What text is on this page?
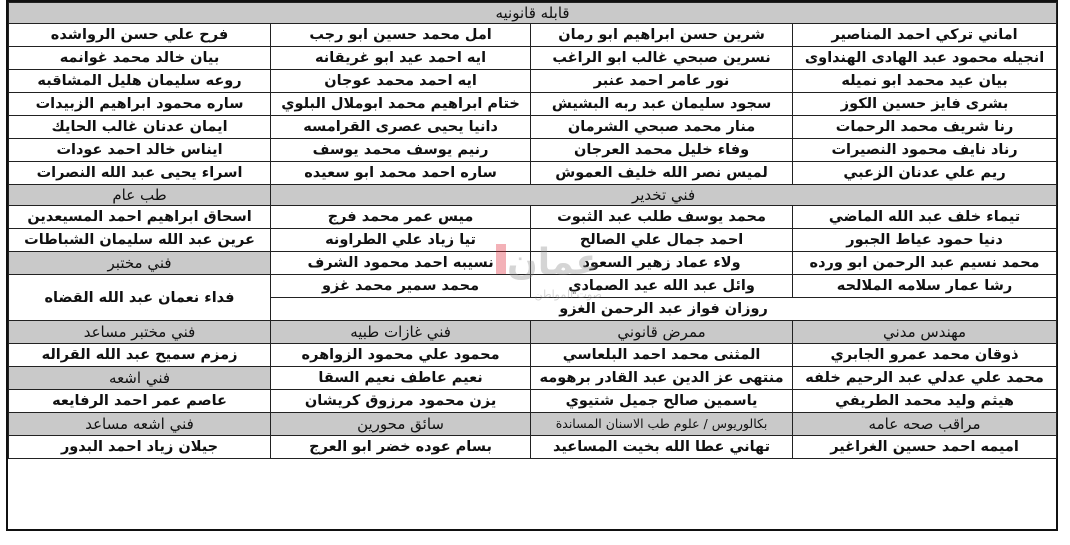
قابله قانونيه			
اماني تركي احمد المناصير	شرين حسن ابراهيم ابو رمان	امل محمد حسين ابو رجب	فرح علي حسن الرواشده
انجيله محمود عبد الهادى الهنداوى	نسرين صبحي غالب ابو الراغب	ايه احمد عيد ابو غريقانه	بيان خالد محمد غوانمه
بيان عيد محمد ابو نميله	نور عامر احمد عنبر	ايه احمد محمد عوجان	روعه سليمان هليل المشاقبه
بشرى فايز حسين الكوز	سجود سليمان عبد ربه البشيش	ختام ابراهيم محمد ابوملال البلوي	ساره محمود ابراهيم الزبيدات
رنا شريف محمد الرحمات	منار محمد صبحي الشرمان	دانيا يحيى عصرى القرامسه	ايمان عدنان غالب الحايك
رناد نايف محمود النصيرات	وفاء خليل محمد العرجان	رنيم يوسف محمد يوسف	ايناس خالد احمد عودات
ريم علي عدنان الزعبي	لميس نصر الله خليف العموش	ساره احمد محمد ابو سعيده	اسراء يحيى عبد الله النصرات
فني تخدير			طب عام
تيماء خلف عبد الله الماضي	محمد يوسف طلب عبد الثبوت	ميس عمر محمد فرج	اسحاق ابراهيم احمد المسيعدين
دنيا حمود عياط الجبور	احمد جمال علي الصالح	تيا زياد علي الطراونه	عرين عبد الله سليمان الشباطات
محمد نسيم عبد الرحمن ابو ورده	ولاء عماد زهير السعود	نسيبه احمد محمود الشرف	فني مختبر
رشا عمار سلامه الملالحه	وائل عبد الله عيد الصمادي	محمد سمير محمد غزو	فداء نعمان عبد الله القضاه
روزان فواز عبد الرحمن الغزو			
مهندس مدني	ممرض قانوني	فني غازات طبيه	فني مختبر مساعد
ذوقان محمد عمرو الجابري	المثنى محمد احمد البلعاسي	محمود علي محمود الزواهره	زمزم سميح عبد الله القراله
محمد علي عدلي عبد الرحيم خلفه	منتهى عز الدين عبد القادر برهومه	نعيم عاطف نعيم السقا	فني اشعه
هيثم وليد محمد الطريفي	ياسمين صالح جميل شتيوي	يزن محمود مرزوق كريشان	عاصم عمر احمد الرفايعه
مراقب صحه عامه	بكالوريوس / علوم طب الاسنان المساندة	سائق محورين	فني اشعه مساعد
اميمه احمد حسين الغراغير	تهاني عطا الله بخيت المساعيد	بسام عوده خضر ابو العرج	جيلان زياد احمد البدور
عمان
صوت المواطن
